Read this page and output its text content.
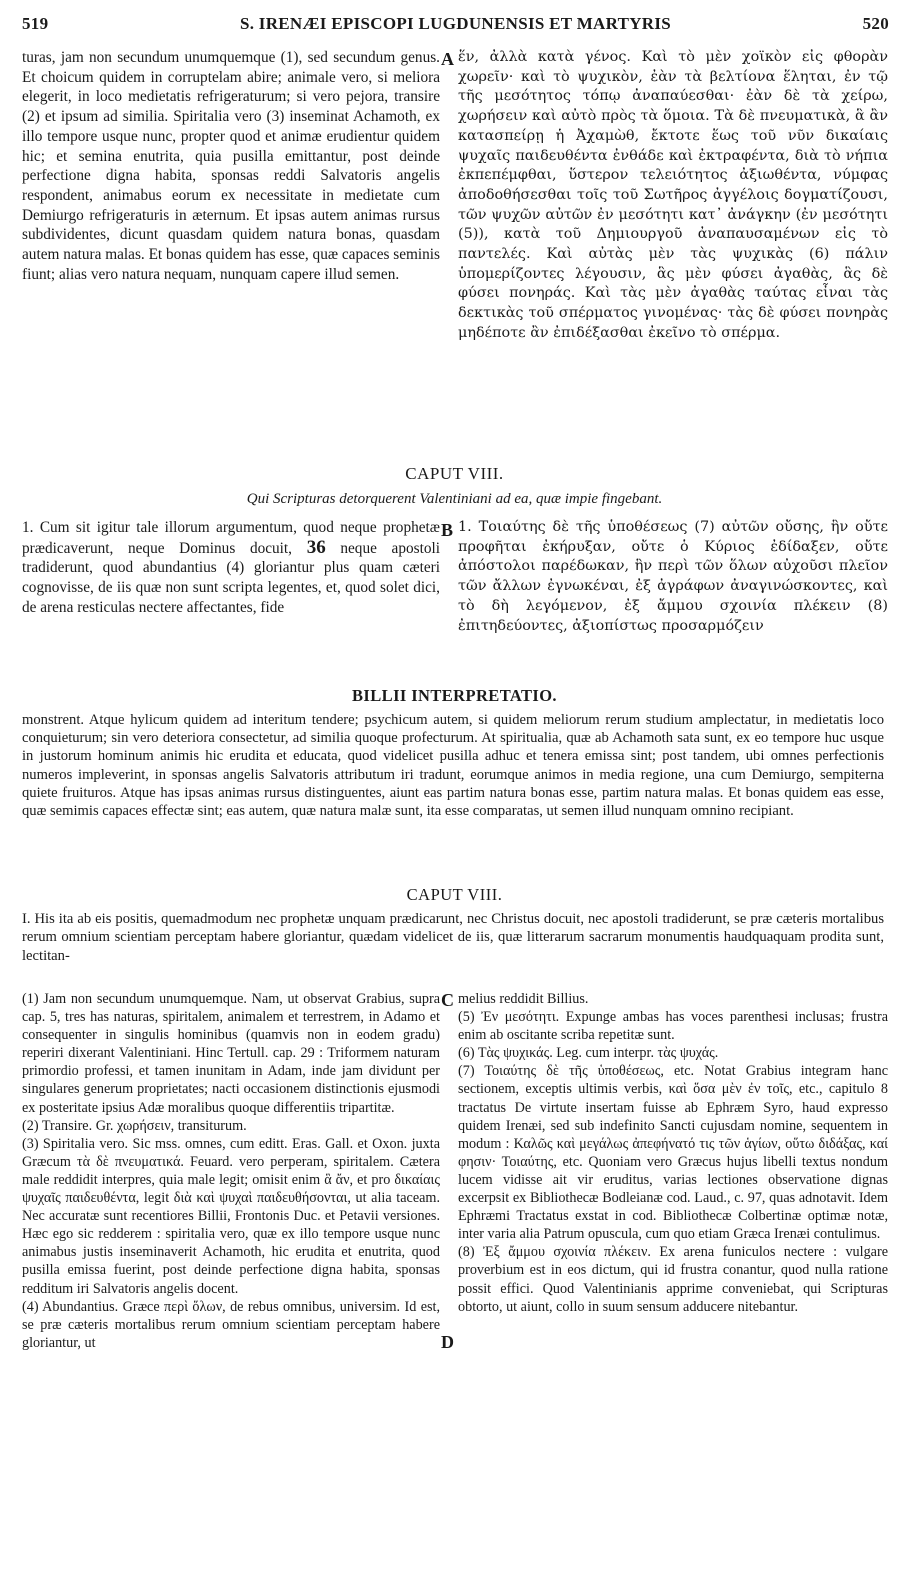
519	S. IRENÆI EPISCOPI LUGDUNENSIS ET MARTYRIS	520
turas, jam non secundum unumquemque (1), sed secundum genus. Et choicum quidem in corruptelam abire; animale vero, si meliora elegerit, in loco medietatis refrigeraturum; si vero pejora, transire (2) et ipsum ad similia. Spiritalia vero (3) inseminat Achamoth, ex illo tempore usque nunc, propter quod et animæ erudientur quidem hic; et semina enutrita, quia pusilla emittantur, post deinde perfectione digna habita, sponsas reddi Salvatoris angelis respondent, animabus eorum ex necessitate in medietate cum Demiurgo refrigeraturis in æternum. Et ipsas autem animas rursus subdividentes, dicunt quasdam quidem natura bonas, quasdam autem natura malas. Et bonas quidem has esse, quæ capaces seminis fiunt; alias vero natura nequam, nunquam capere illud semen.
A ἕν, ἀλλὰ κατὰ γένος. Καὶ τὸ μὲν χοϊκὸν εἰς φθορὰν χωρεῖν· καὶ τὸ ψυχικὸν, ἐὰν τὰ βελτίονα ἕληται, ἐν τῷ τῆς μεσότητος τόπῳ ἀναπαύεσθαι· ἐὰν δὲ τὰ χείρω, χωρήσειν καὶ αὐτὸ πρὸς τὰ ὅμοια. Τὰ δὲ πνευματικὰ, ἃ ἂν κατασπείρῃ ἡ Ἀχαμὼθ, ἔκτοτε ἕως τοῦ νῦν δικαίαις ψυχαῖς παιδευθέντα ἐνθάδε καὶ ἐκτραφέντα, διὰ τὸ νήπια ἐκπεπέμφθαι, ὕστερον τελειότητος ἀξιωθέντα, νύμφας ἀποδοθήσεσθαι τοῖς τοῦ Σωτῆρος ἀγγέλοις δογματίζουσι, τῶν ψυχῶν αὐτῶν ἐν μεσότητι κατ᾽ ἀνάγκην (ἐν μεσότητι (5)), κατὰ τοῦ Δημιουργοῦ ἀναπαυσαμένων εἰς τὸ παντελές. Καὶ αὐτὰς μὲν τὰς ψυχικὰς (6) πάλιν ὑπομερίζοντες λέγουσιν, ἃς μὲν φύσει ἀγαθὰς, ἃς δὲ φύσει πονηράς. Καὶ τὰς μὲν ἀγαθὰς ταύτας εἶναι τὰς δεκτικὰς τοῦ σπέρματος γινομένας· τὰς δὲ φύσει πονηρὰς μηδέποτε ἂν ἐπιδέξασθαι ἐκεῖνο τὸ σπέρμα.
CAPUT VIII.
Qui Scripturas detorquerent Valentiniani ad ea, quæ impie fingebant.
1. Cum sit igitur tale illorum argumentum, quod neque prophetæ prædicaverunt, neque Dominus docuit, 36 neque apostoli tradiderunt, quod abundantius (4) gloriantur plus quam cæteri cognovisse, de iis quæ non sunt scripta legentes, et, quod solet dici, de arena resticulas nectere affectantes, fide
B 1. Τοιαύτης δὲ τῆς ὑποθέσεως (7) αὐτῶν οὔσης, ἣν οὔτε προφῆται ἐκήρυξαν, οὔτε ὁ Κύριος ἐδίδαξεν, οὔτε ἀπόστολοι παρέδωκαν, ἣν περὶ τῶν ὅλων αὐχοῦσι πλεῖον τῶν ἄλλων ἐγνωκέναι, ἐξ ἀγράφων ἀναγινώσκοντες, καὶ τὸ δὴ λεγόμενον, ἐξ ἄμμου σχοινία πλέκειν (8) ἐπιτηδεύοντες, ἀξιοπίστως προσαρμόζειν
BILLII INTERPRETATIO.
monstrent. Atque hylicum quidem ad interitum tendere; psychicum autem, si quidem meliorum rerum studium amplectatur, in medietatis loco conquieturum; sin vero deteriora consectetur, ad similia quoque profecturum. At spiritualia, quæ ab Achamoth sata sunt, ex eo tempore huc usque in justorum hominum animis hic erudita et educata, quod videlicet pusilla adhuc et tenera emissa sint; post tandem, ubi omnes perfectionis numeros impleverint, in sponsas angelis Salvatoris attributum iri tradunt, eorumque animos in media regione, una cum Demiurgo, sempiterna quiete fruituros. Atque has ipsas animas rursus distinguentes, aiunt eas partim natura bonas esse, partim natura malas. Et bonas quidem eas esse, quæ semimis capaces effectæ sint; eas autem, quæ natura malæ sunt, ita esse comparatas, ut semen illud nunquam omnino recipiant.
CAPUT VIII.
I. His ita ab eis positis, quemadmodum nec prophetæ unquam prædicarunt, nec Christus docuit, nec apostoli tradiderunt, se præ cæteris mortalibus rerum omnium scientiam perceptam habere gloriantur, quædam videlicet de iis, quæ litterarum sacrarum monumentis haudquaquam prodita sunt, lectitan-

(1) Jam non secundum unumquemque. Nam, ut observat Grabius, supra cap. 5, tres has naturas, spiritalem, animalem et terrestrem, in Adamo et consequenter in singulis hominibus (quamvis non in eodem gradu) reperiri dixerant Valentiniani. Hinc Tertull. cap. 29 : Triformem naturam primordio professi, et tamen inunitam in Adam, inde jam dividunt per singulares generum proprietates; nacti occasionem distinctionis ejusmodi ex posteritate ipsius Adæ moralibus quoque differentiis tripartitæ.

(2) Transire. Gr. χωρήσειν, transiturum.

(3) Spiritalia vero. Sic mss. omnes, cum editt. Eras. Gall. et Oxon. juxta Græcum τὰ δὲ πνευματικά. Feuard. vero perperam, spiritalem. Cætera male reddidit interpres, quia male legit; omisit enim ἃ ἄν, et pro δικαίαις ψυχαῖς παιδευθέντα, legit διὰ καὶ ψυχαὶ παιδευθήσονται, ut alia taceam. Nec accuratæ sunt recentiores Billii, Frontonis Duc. et Petavii versiones. Hæc ego sic redderem : spiritalia vero, quæ ex illo tempore usque nunc animabus justis inseminaverit Achamoth, hic erudita et enutrita, quod pusilla emissa fuerint, post deinde perfectione digna habita, sponsas redditum iri Salvatoris angelis docent.

(4) Abundantius. Græce περὶ ὅλων, de rebus omnibus, universim. Id est, se præ cæteris mortalibus rerum omnium scientiam perceptam habere gloriantur, ut

C
D

melius reddidit Billius.

(5) Ἐν μεσότητι. Expunge ambas has voces parenthesi inclusas; frustra enim ab oscitante scriba repetitæ sunt.

(6) Τὰς ψυχικάς. Leg. cum interpr. τὰς ψυχάς.

(7) Τοιαύτης δὲ τῆς ὑποθέσεως, etc. Notat Grabius integram hanc sectionem, exceptis ultimis verbis, καὶ ὅσα μὲν ἐν τοῖς, etc., capitulo 8 tractatus De virtute insertam fuisse ab Ephræm Syro, haud expresso quidem Irenæi, sed sub indefinito Sancti cujusdam nomine, sequentem in modum : Καλῶς καὶ μεγάλως ἀπεφήνατό τις τῶν ἁγίων, οὕτω διδάξας, καί φησιν· Τοιαύτης, etc. Quoniam vero Græcus hujus libelli textus nondum lucem vidisse ait vir eruditus, varias lectiones observatione dignas excerpsit ex Bibliothecæ Bodleianæ cod. Laud., c. 97, quas adnotavit. Idem Ephræmi Tractatus exstat in cod. Bibliothecæ Colbertinæ optimæ notæ, inter varia alia Patrum opuscula, cum quo etiam Græca Irenæi contulimus.

(8) Ἐξ ἄμμου σχοινία πλέκειν. Ex arena funiculos nectere : vulgare proverbium est in eos dictum, qui id frustra conantur, quod nulla ratione possit effici. Quod Valentinianis apprime conveniebat, qui Scripturas obtorto, ut aiunt, collo in suum sensum adducere nitebantur.
